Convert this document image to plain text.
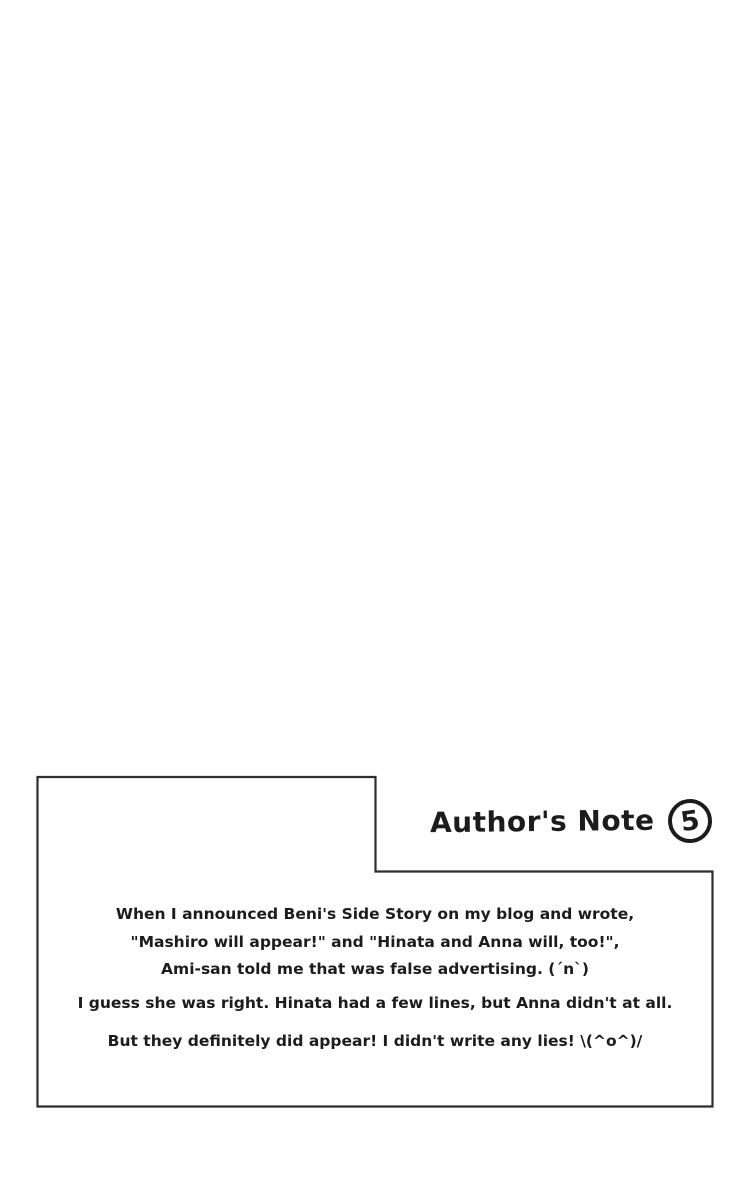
Author's Note 5

When I announced Beni's Side Story on my blog and wrote,
"Mashiro will appear!" and "Hinata and Anna will, too!",
Ami-san told me that was false advertising. (´n`)

I guess she was right. Hinata had a few lines, but Anna didn't at all.

But they definitely did appear! I didn't write any lies! \(^o^)/
